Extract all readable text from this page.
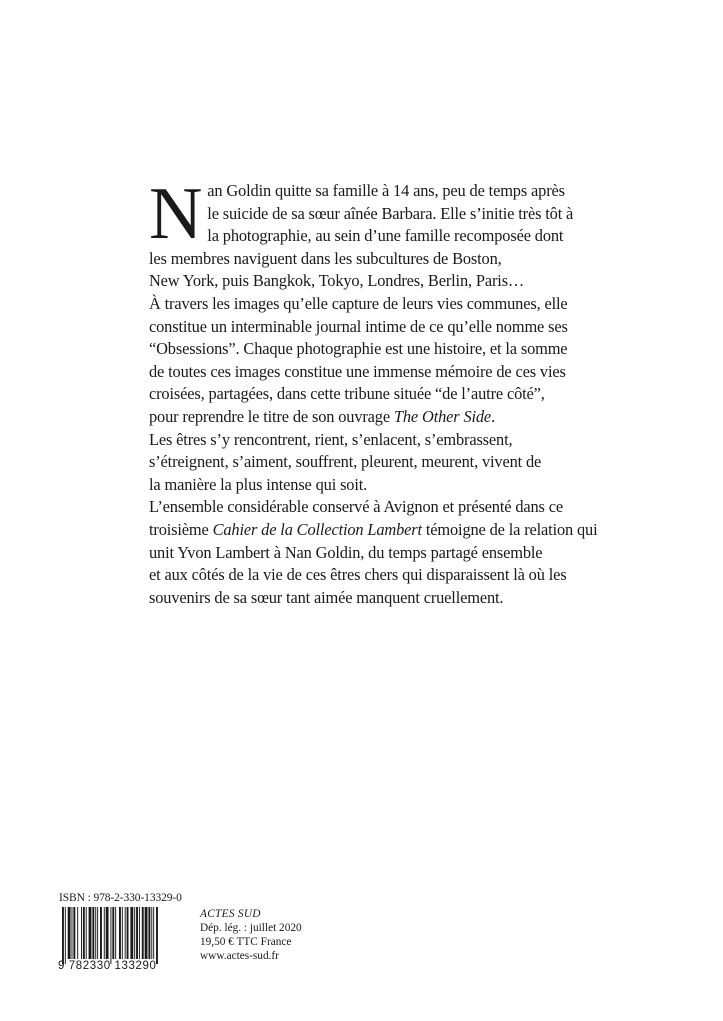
N an Goldin quitte sa famille à 14 ans, peu de temps après
le suicide de sa sœur aînée Barbara. Elle s’initie très tôt à
la photographie, au sein d’une famille recomposée dont
les membres naviguent dans les subcultures de Boston,
New York, puis Bangkok, Tokyo, Londres, Berlin, Paris…
À travers les images qu’elle capture de leurs vies communes, elle
constitue un interminable journal intime de ce qu’elle nomme ses
“Obsessions”. Chaque photographie est une histoire, et la somme
de toutes ces images constitue une immense mémoire de ces vies
croisées, partagées, dans cette tribune située “de l’autre côté”,
pour reprendre le titre de son ouvrage The Other Side.
Les êtres s’y rencontrent, rient, s’enlacent, s’embrassent,
s’étreignent, s’aiment, souffrent, pleurent, meurent, vivent de
la manière la plus intense qui soit.
L’ensemble considérable conservé à Avignon et présenté dans ce
troisième Cahier de la Collection Lambert témoigne de la relation qui
unit Yvon Lambert à Nan Goldin, du temps partagé ensemble
et aux côtés de la vie de ces êtres chers qui disparaissent là où les
souvenirs de sa sœur tant aimée manquent cruellement.
ISBN : 978-2-330-13329-0
9 782330 133290
ACTES SUD
Dép. lég. : juillet 2020
19,50 € TTC France
www.actes-sud.fr
